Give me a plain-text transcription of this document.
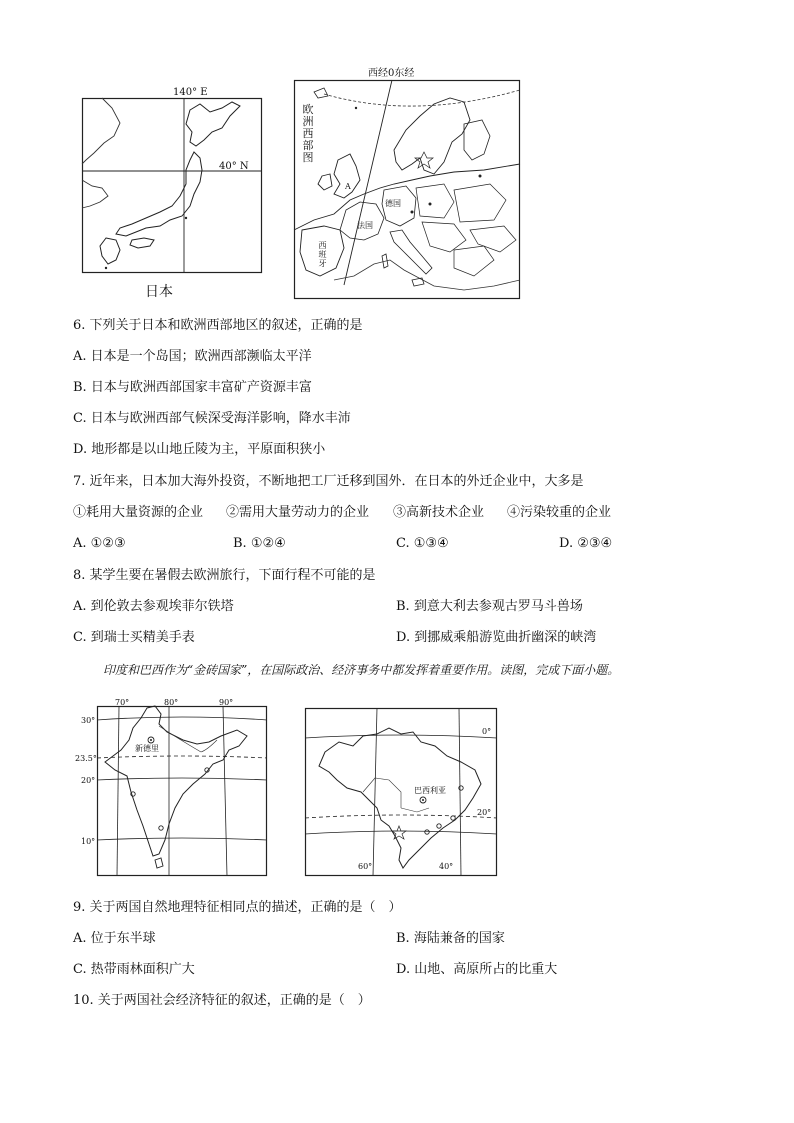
140° E
40° N
日本
西经0东经
欧洲西部图
A
德国
法国
西班牙
6. 下列关于日本和欧洲西部地区的叙述，正确的是
A. 日本是一个岛国；欧洲西部濒临太平洋
B. 日本与欧洲西部国家丰富矿产资源丰富
C. 日本与欧洲西部气候深受海洋影响，降水丰沛
D. 地形都是以山地丘陵为主，平原面积狭小
7. 近年来，日本加大海外投资，不断地把工厂迁移到国外．在日本的外迁企业中，大多是
①耗用大量资源的企业 ②需用大量劳动力的企业 ③高新技术企业 ④污染较重的企业
A. ①②③	B. ①②④	C. ①③④	D. ②③④
8. 某学生要在暑假去欧洲旅行，下面行程不可能的是
A. 到伦敦去参观埃菲尔铁塔	B. 到意大利去参观古罗马斗兽场
C. 到瑞士买精美手表	D. 到挪威乘船游览曲折幽深的峡湾
印度和巴西作为“金砖国家”，在国际政治、经济事务中都发挥着重要作用。读图，完成下面小题。
70°	80°	90°
30°
23.5°
20°
10°
新德里
0°
20°
60°	40°
巴西利亚
9. 关于两国自然地理特征相同点的描述，正确的是（　）
A. 位于东半球	B. 海陆兼备的国家
C. 热带雨林面积广大	D. 山地、高原所占的比重大
10. 关于两国社会经济特征的叙述，正确的是（　）
